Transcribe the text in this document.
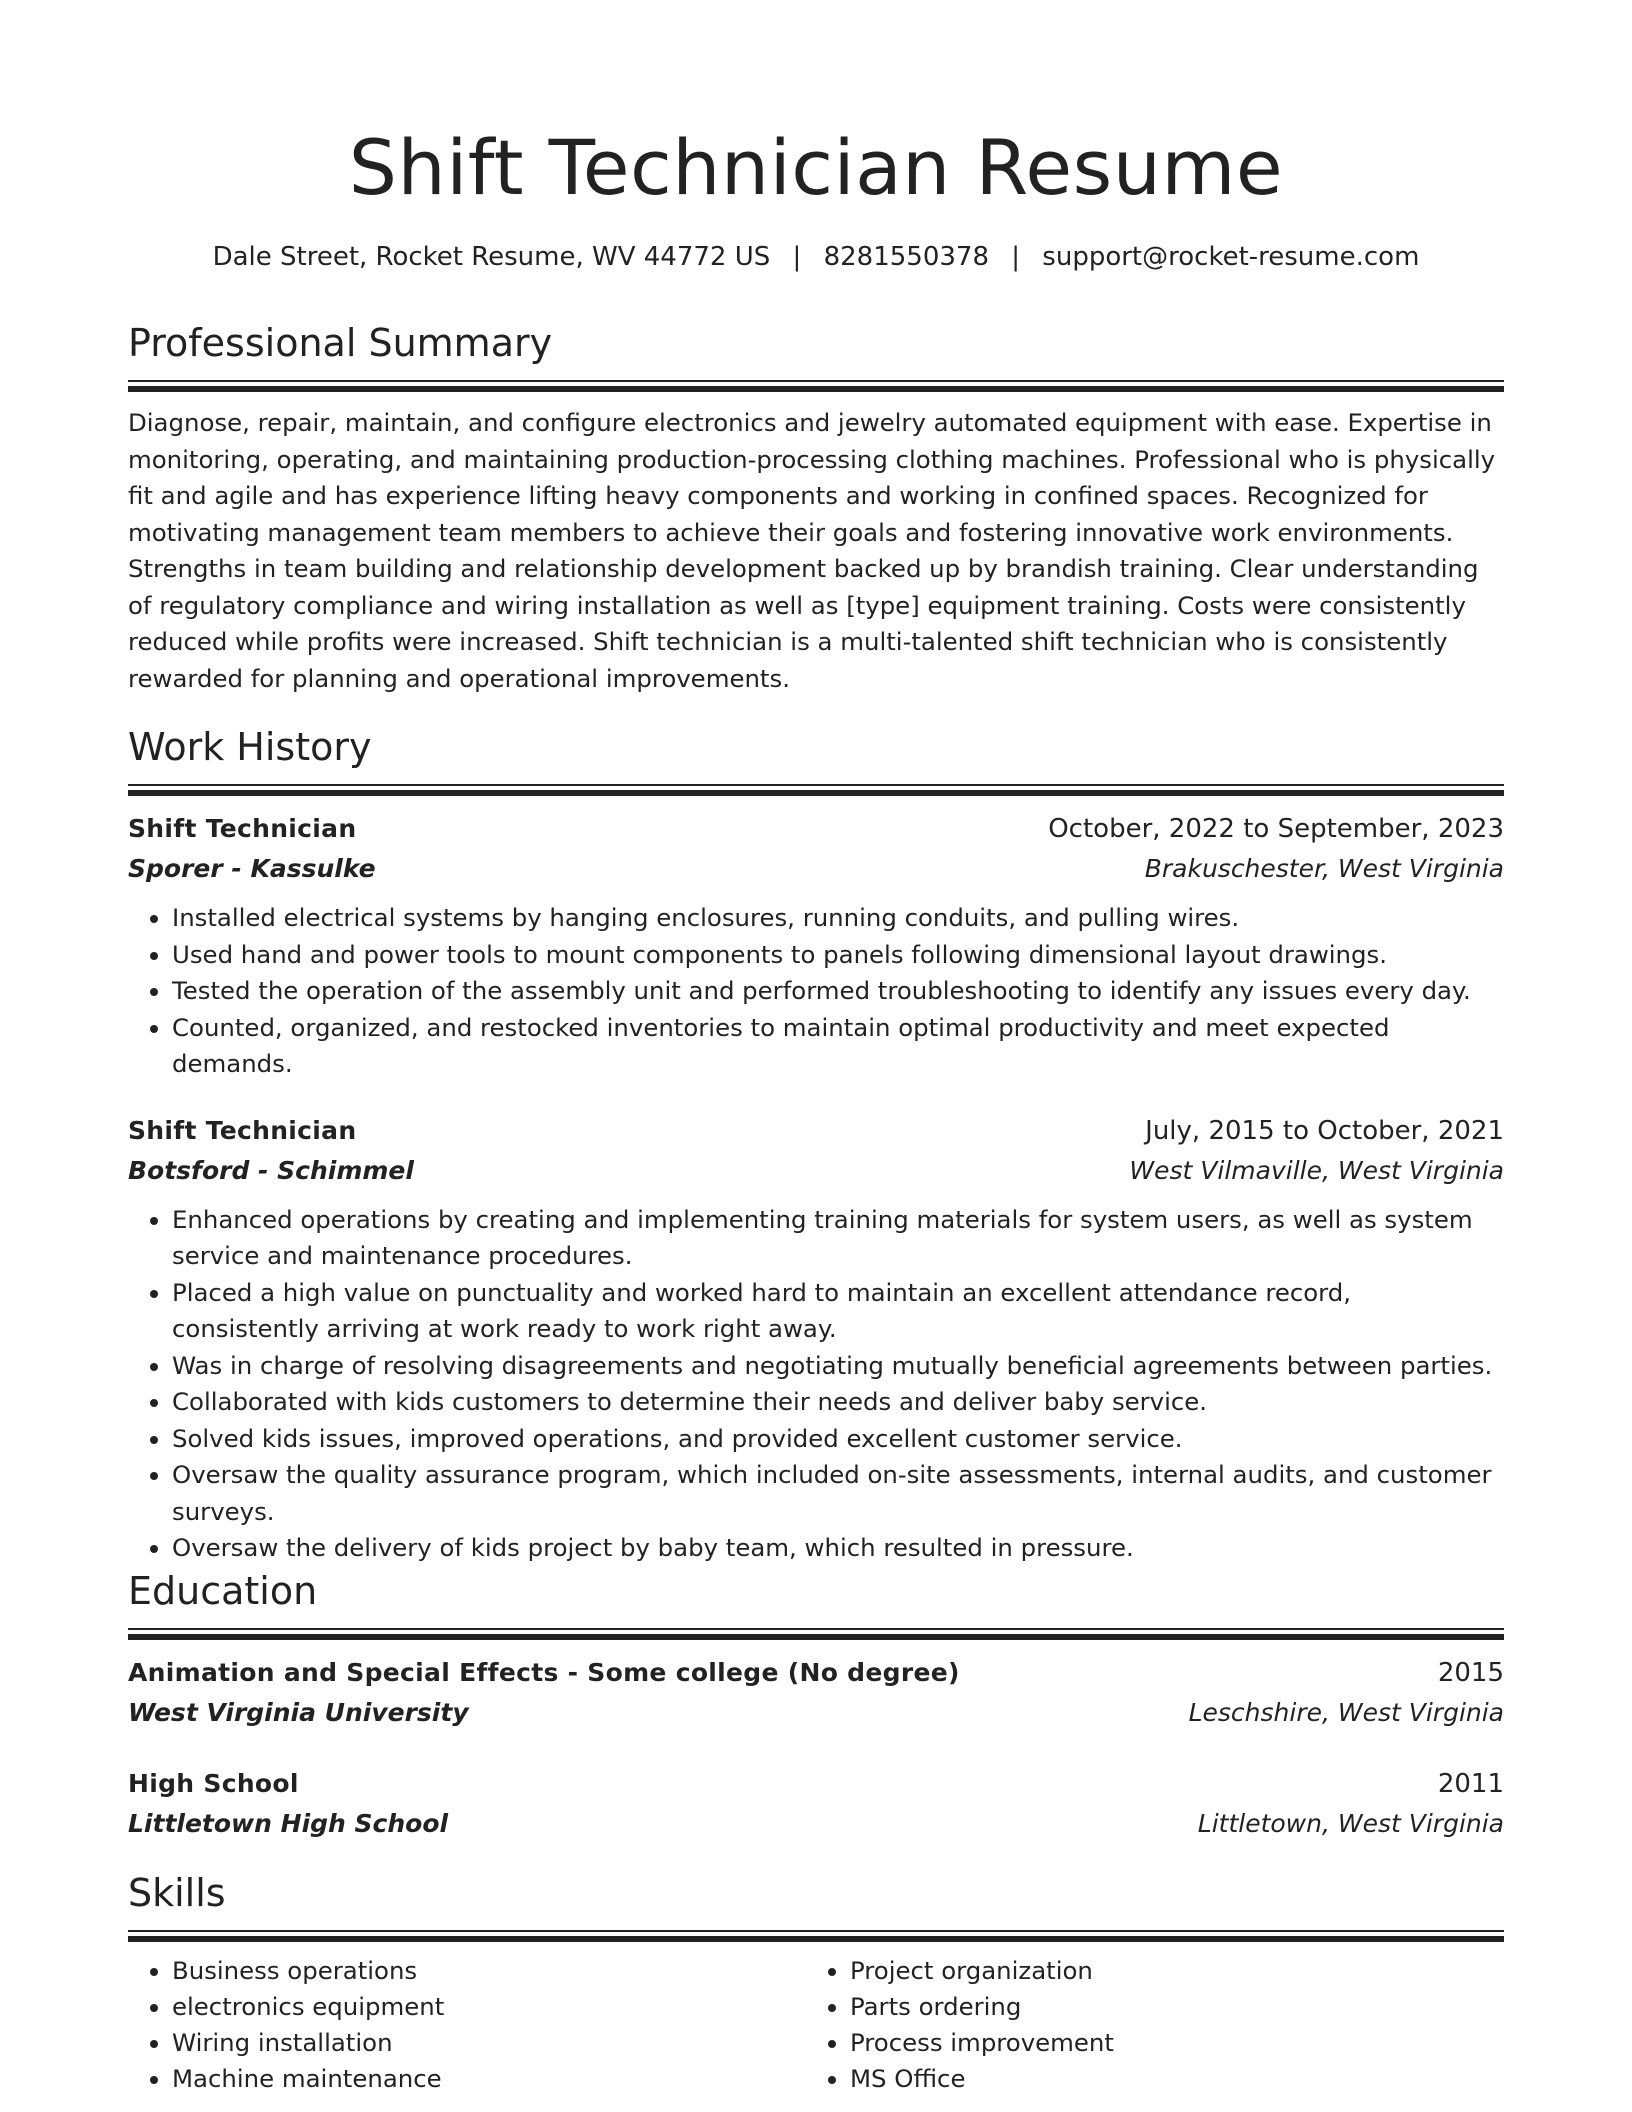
Shift Technician Resume
Dale Street, Rocket Resume, WV 44772 US | 8281550378 | support@rocket-resume.com
Professional Summary

Diagnose, repair, maintain, and configure electronics and jewelry automated equipment with ease. Expertise in monitoring, operating, and maintaining production-processing clothing machines. Professional who is physically fit and agile and has experience lifting heavy components and working in confined spaces. Recognized for motivating management team members to achieve their goals and fostering innovative work environments. Strengths in team building and relationship development backed up by brandish training. Clear understanding of regulatory compliance and wiring installation as well as [type] equipment training. Costs were consistently reduced while profits were increased. Shift technician is a multi-talented shift technician who is consistently rewarded for planning and operational improvements.

Work History
Shift Technician	October, 2022 to September, 2023
Sporer - Kassulke	Brakuschester, West Virginia
• Installed electrical systems by hanging enclosures, running conduits, and pulling wires.
• Used hand and power tools to mount components to panels following dimensional layout drawings.
• Tested the operation of the assembly unit and performed troubleshooting to identify any issues every day.
• Counted, organized, and restocked inventories to maintain optimal productivity and meet expected demands.
Shift Technician	July, 2015 to October, 2021
Botsford - Schimmel	West Vilmaville, West Virginia
• Enhanced operations by creating and implementing training materials for system users, as well as system service and maintenance procedures.
• Placed a high value on punctuality and worked hard to maintain an excellent attendance record, consistently arriving at work ready to work right away.
• Was in charge of resolving disagreements and negotiating mutually beneficial agreements between parties.
• Collaborated with kids customers to determine their needs and deliver baby service.
• Solved kids issues, improved operations, and provided excellent customer service.
• Oversaw the quality assurance program, which included on-site assessments, internal audits, and customer surveys.
• Oversaw the delivery of kids project by baby team, which resulted in pressure.
Education
Animation and Special Effects - Some college (No degree)	2015
West Virginia University	Leschshire, West Virginia
High School	2011
Littletown High School	Littletown, West Virginia
Skills
• Business operations
• electronics equipment
• Wiring installation
• Machine maintenance
• Project organization
• Parts ordering
• Process improvement
• MS Office
